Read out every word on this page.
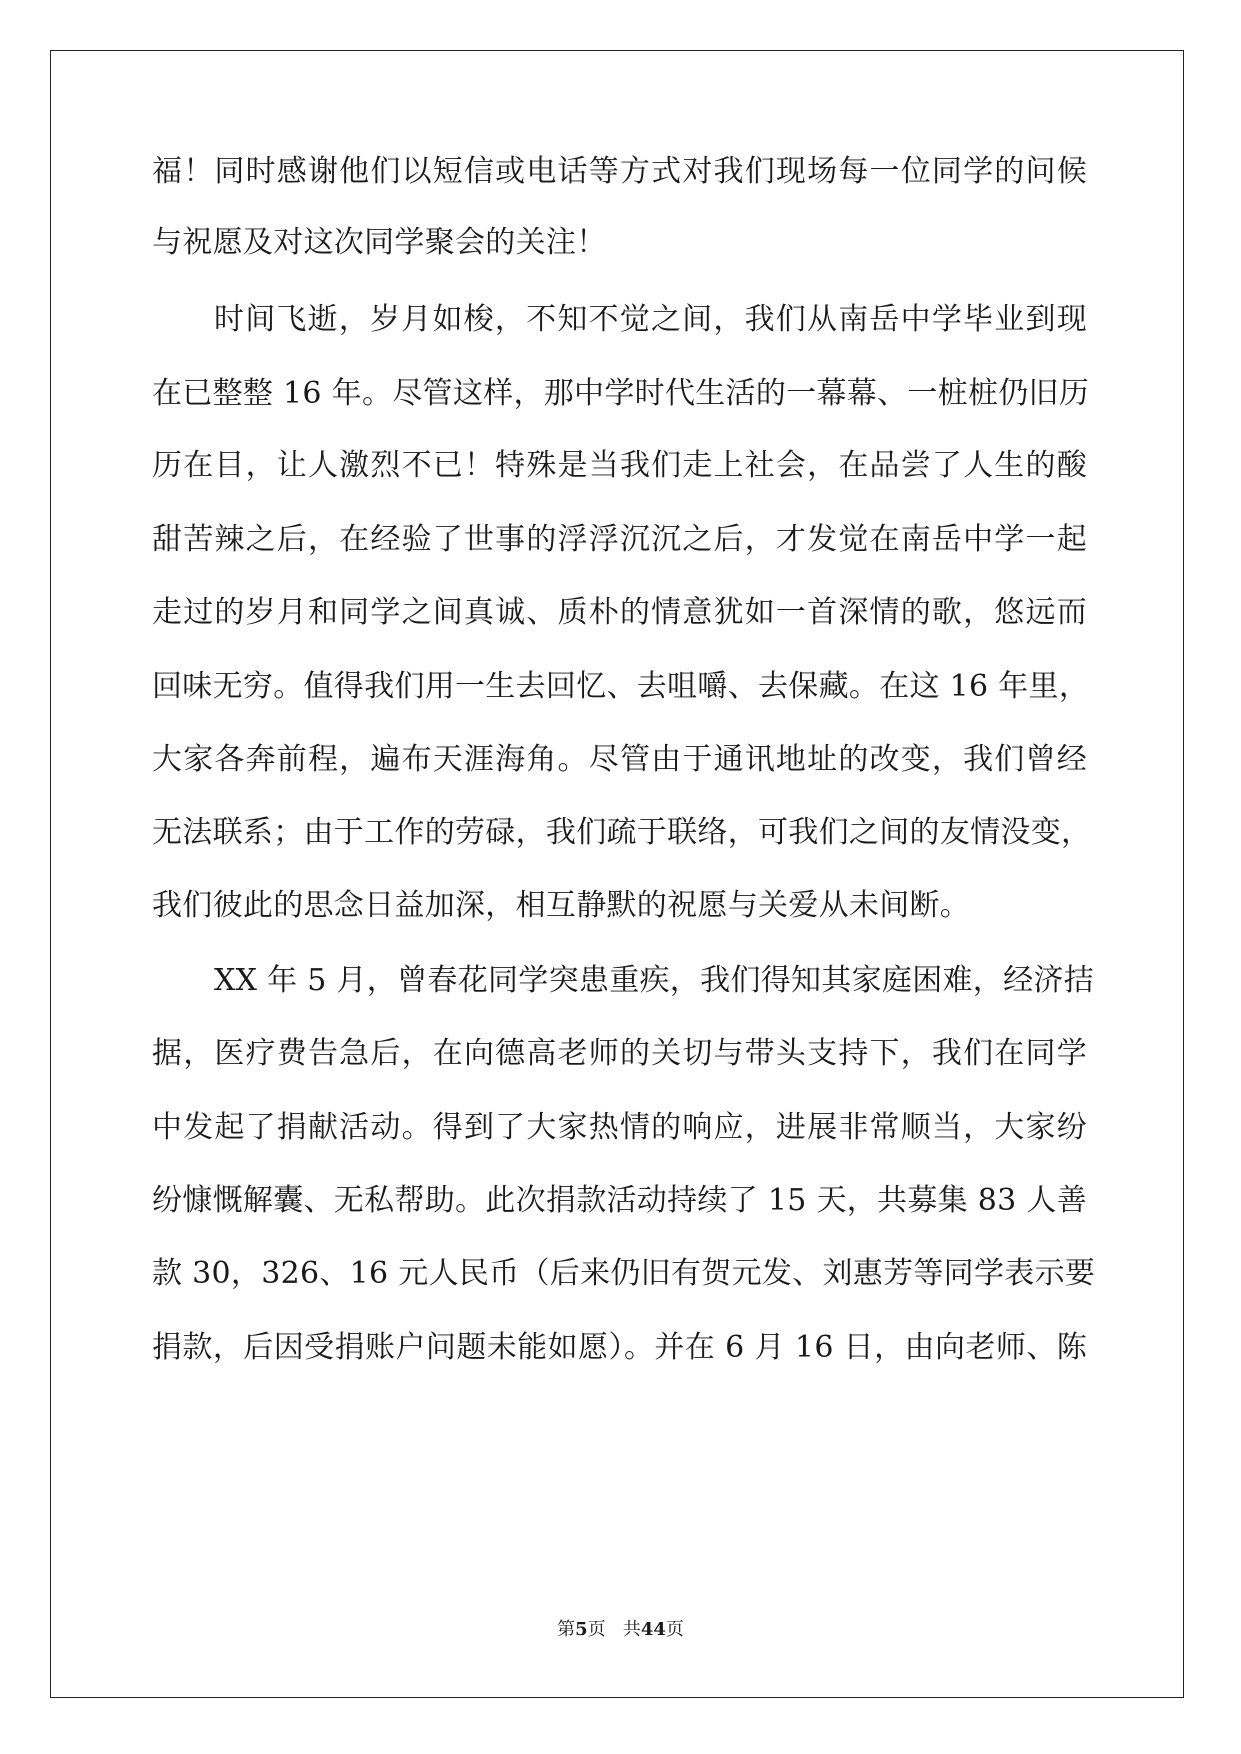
福！同时感谢他们以短信或电话等方式对我们现场每一位同学的问候
与祝愿及对这次同学聚会的关注！
时间飞逝，岁月如梭，不知不觉之间，我们从南岳中学毕业到现
在已整整 16 年。尽管这样，那中学时代生活的一幕幕、一桩桩仍旧历
历在目，让人激烈不已！特殊是当我们走上社会，在品尝了人生的酸
甜苦辣之后，在经验了世事的浮浮沉沉之后，才发觉在南岳中学一起
走过的岁月和同学之间真诚、质朴的情意犹如一首深情的歌，悠远而
回味无穷。值得我们用一生去回忆、去咀嚼、去保藏。在这 16 年里，
大家各奔前程，遍布天涯海角。尽管由于通讯地址的改变，我们曾经
无法联系；由于工作的劳碌，我们疏于联络，可我们之间的友情没变，
我们彼此的思念日益加深，相互静默的祝愿与关爱从未间断。
XX 年 5 月，曾春花同学突患重疾，我们得知其家庭困难，经济拮
据，医疗费告急后，在向德高老师的关切与带头支持下，我们在同学
中发起了捐献活动。得到了大家热情的响应，进展非常顺当，大家纷
纷慷慨解囊、无私帮助。此次捐款活动持续了 15 天，共募集 83 人善
款 30，326、16 元人民币（后来仍旧有贺元发、刘惠芳等同学表示要
捐款，后因受捐账户问题未能如愿）。并在 6 月 16 日，由向老师、陈
第5页 共44页
